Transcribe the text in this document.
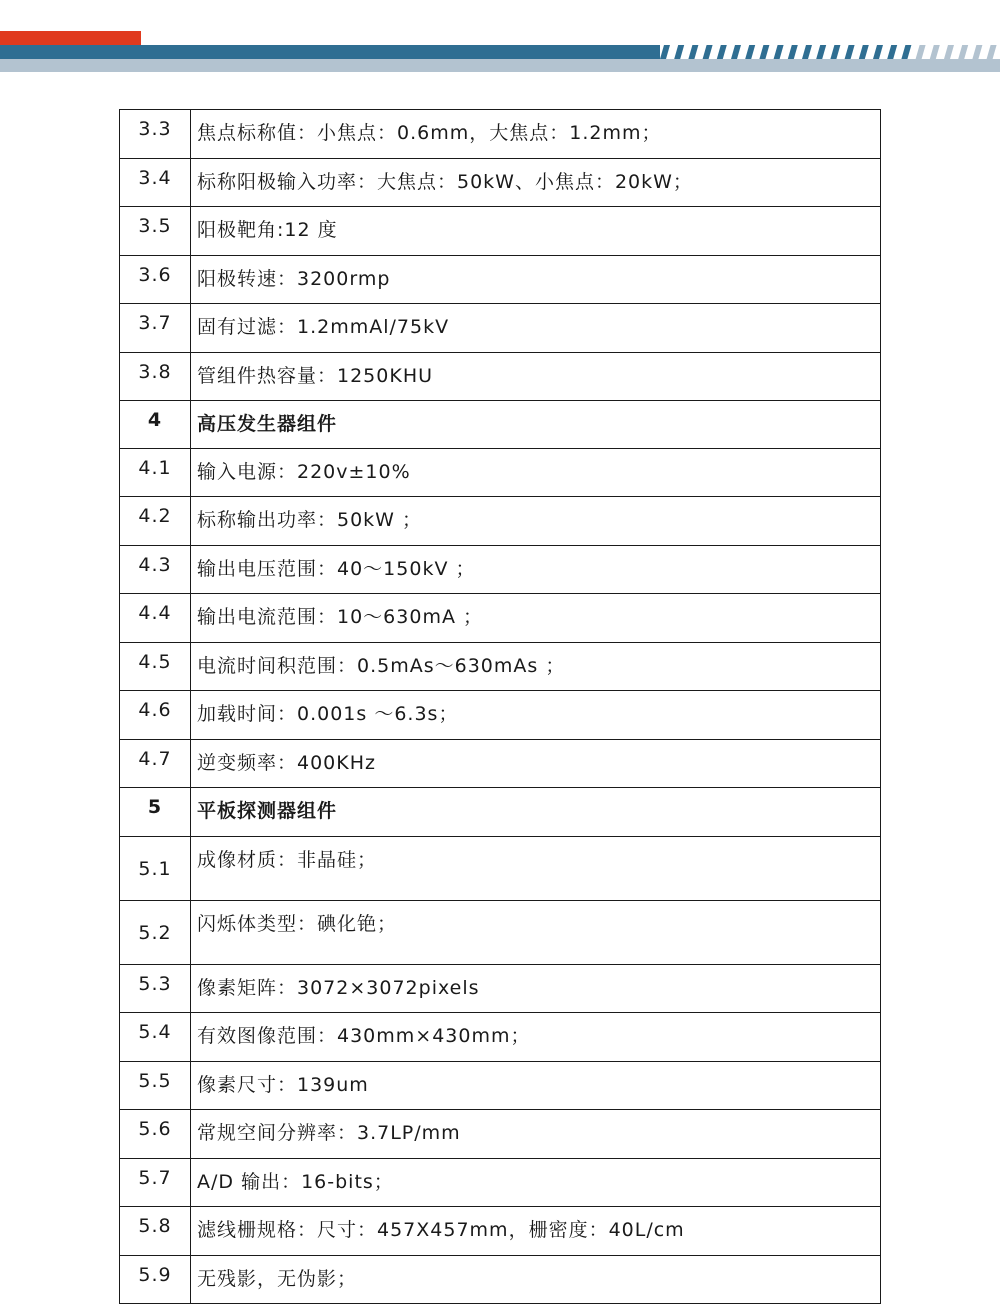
3.3	焦点标称值：小焦点：0.6mm，大焦点：1.2mm；
3.4	标称阳极输入功率：大焦点：50kW、小焦点：20kW；
3.5	阳极靶角:12 度
3.6	阳极转速：3200rmp
3.7	固有过滤：1.2mmAl/75kV
3.8	管组件热容量：1250KHU
4	高压发生器组件
4.1	输入电源：220v±10%
4.2	标称输出功率：50kW ；
4.3	输出电压范围：40～150kV ；
4.4	输出电流范围：10～630mA ；
4.5	电流时间积范围：0.5mAs～630mAs ；
4.6	加载时间：0.001s ～6.3s；
4.7	逆变频率：400KHz
5	平板探测器组件
5.1	成像材质：非晶硅；
5.2	闪烁体类型：碘化铯；
5.3	像素矩阵：3072×3072pixels
5.4	有效图像范围：430mm×430mm；
5.5	像素尺寸：139um
5.6	常规空间分辨率：3.7LP/mm
5.7	A/D 输出：16-bits；
5.8	滤线栅规格：尺寸：457X457mm，栅密度：40L/cm
5.9	无残影，无伪影；
